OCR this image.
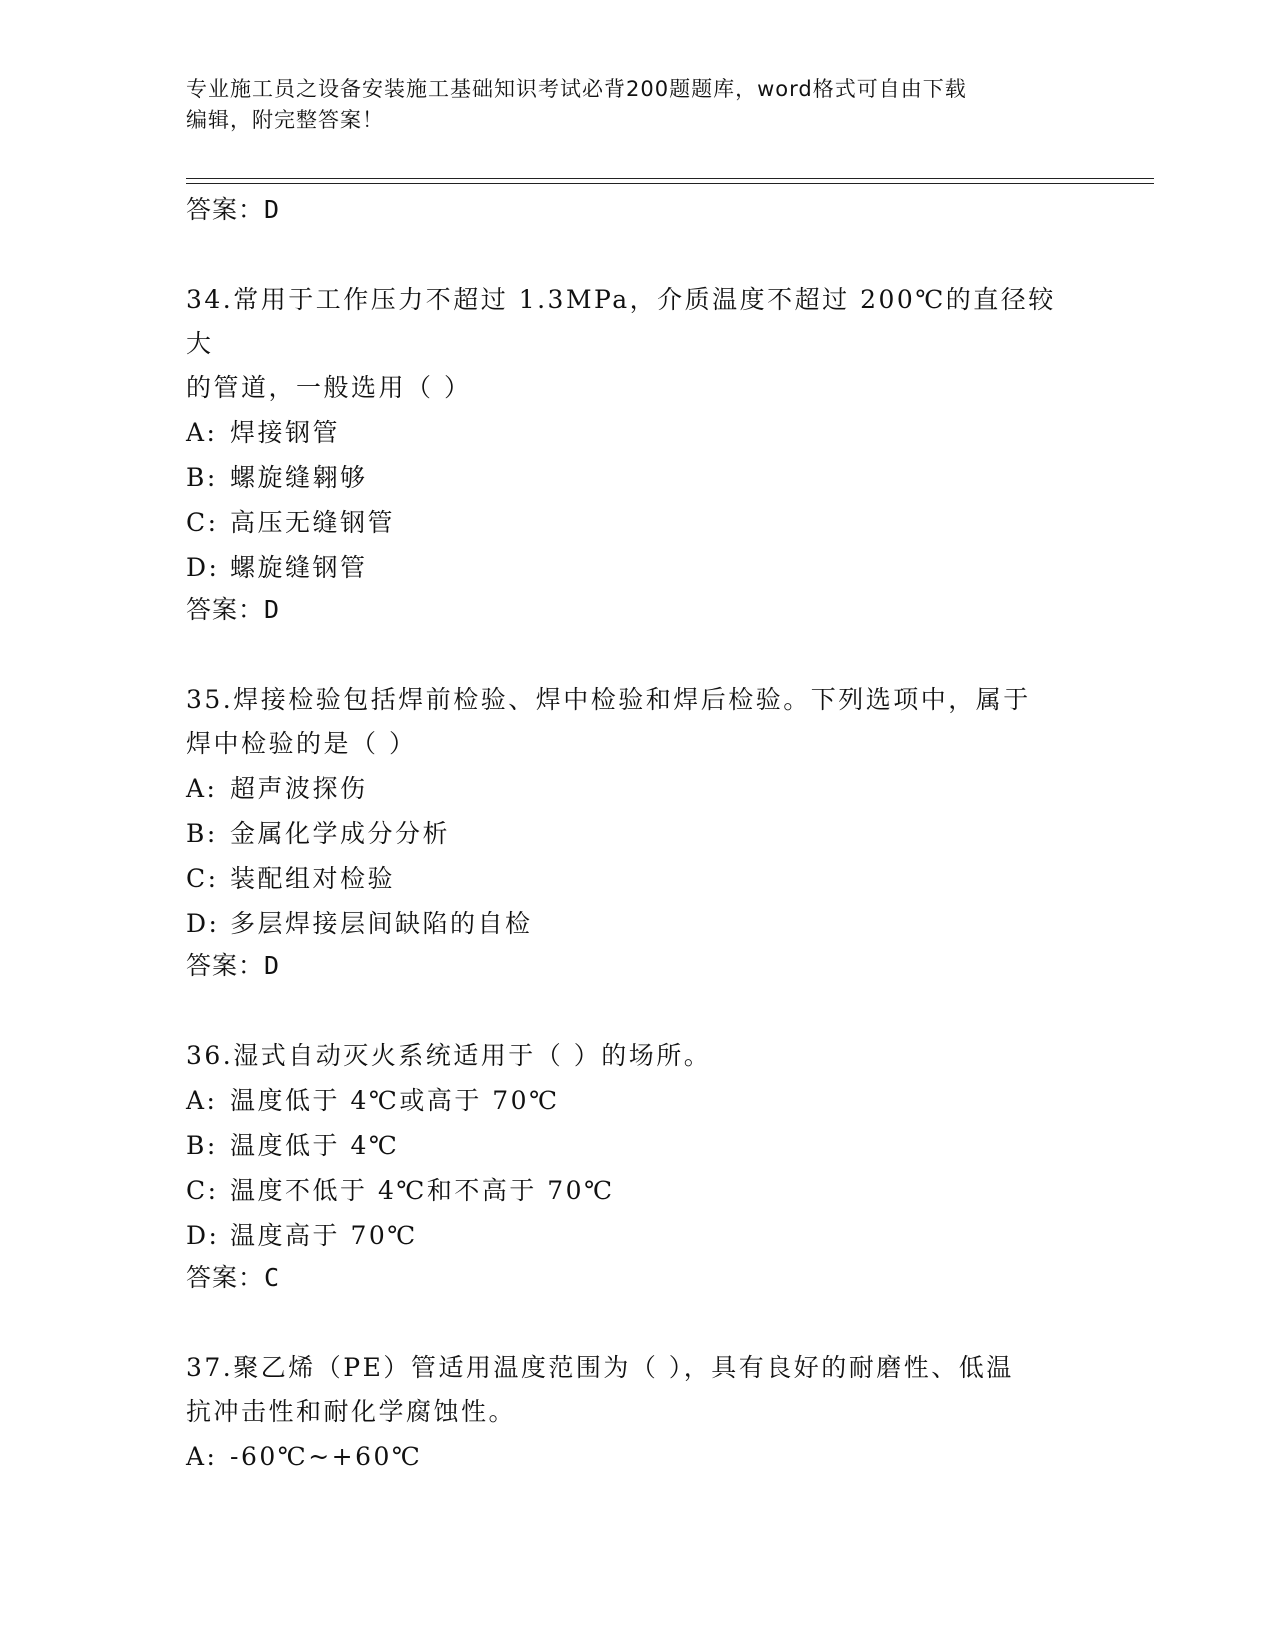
专业施工员之设备安装施工基础知识考试必背200题题库，word格式可自由下载
编辑，附完整答案！
答案：D
34.常用于工作压力不超过 1.3MPa，介质温度不超过 200℃的直径较大
的管道，一般选用（ ）
A: 焊接钢管
B: 螺旋缝翱够
C: 高压无缝钢管
D: 螺旋缝钢管
答案：D
35.焊接检验包括焊前检验、焊中检验和焊后检验。下列选项中，属于
焊中检验的是（ ）
A: 超声波探伤
B: 金属化学成分分析
C: 装配组对检验
D: 多层焊接层间缺陷的自检
答案：D
36.湿式自动灭火系统适用于（ ）的场所。
A: 温度低于 4℃或高于 70℃
B: 温度低于 4℃
C: 温度不低于 4℃和不高于 70℃
D: 温度高于 70℃
答案：C
37.聚乙烯（PE）管适用温度范围为（ ），具有良好的耐磨性、低温
抗冲击性和耐化学腐蚀性。
A: -60℃~+60℃
